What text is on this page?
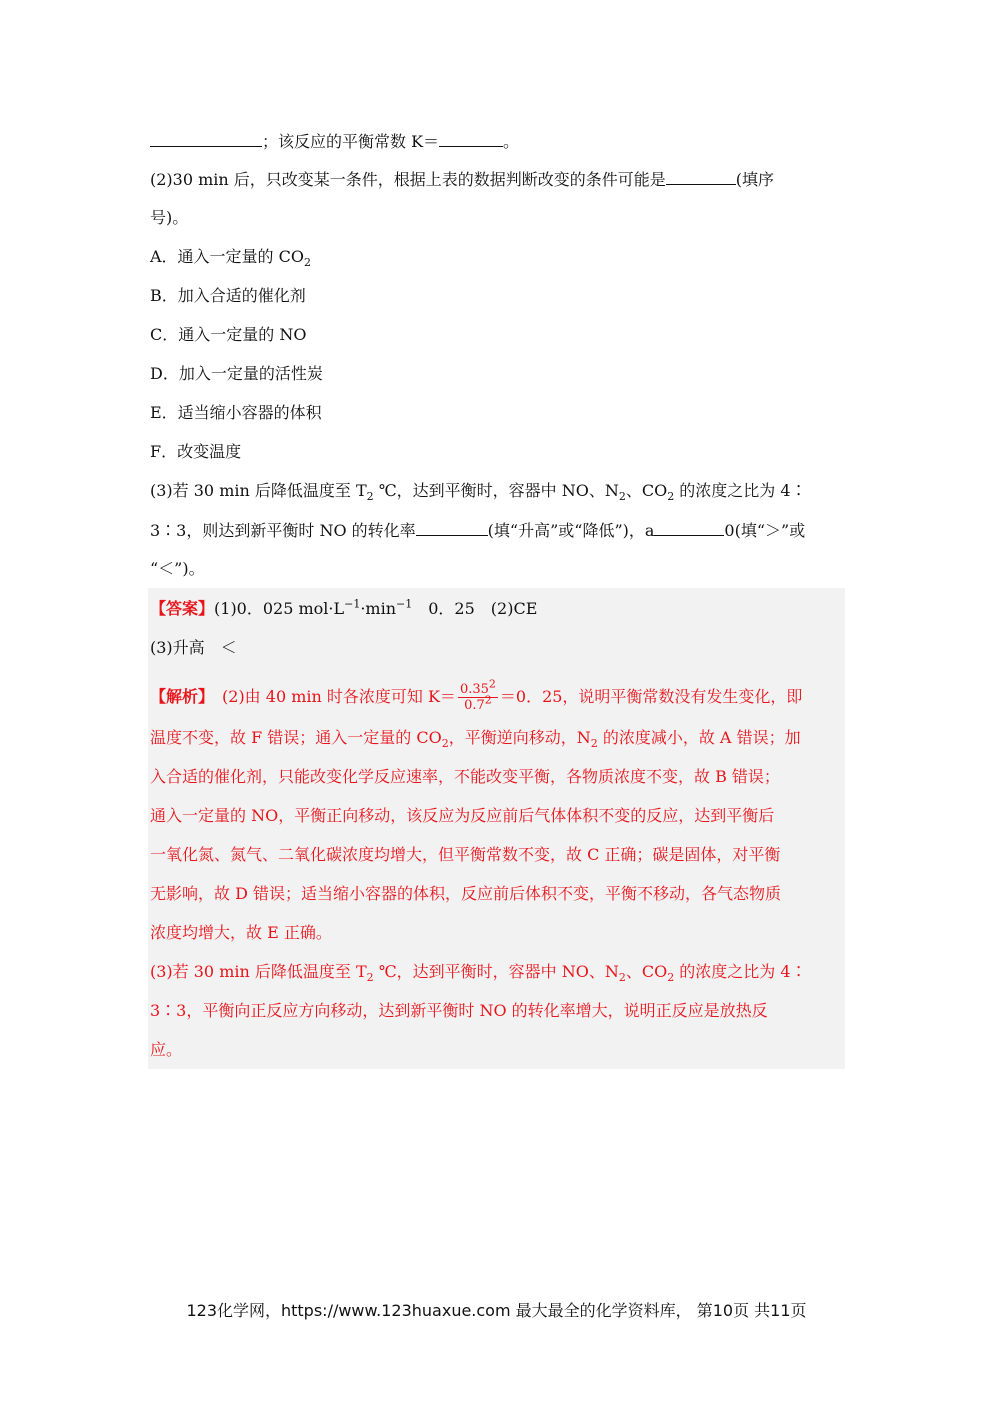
；该反应的平衡常数 K＝	。
(2)30 min 后，只改变某一条件，根据上表的数据判断改变的条件可能是	(填序
号)。
A．通入一定量的 $CO_2$
B．加入合适的催化剂
C．通入一定量的 NO
D．加入一定量的活性炭
E．适当缩小容器的体积
F．改变温度
(3)若 30 min 后降低温度至 $T_2$ ℃，达到平衡时，容器中 NO、$N_2$、$CO_2$ 的浓度之比为 4∶
3∶3，则达到新平衡时 NO 的转化率	(填“升高”或“降低”)，a	0(填“＞”或
“＜”)。
【答案】(1)0．025 $mol\cdot L^{-1}\cdot\min^{-1}$　0．25　(2)CE
(3)升高　＜
【解析】　(2)由 40 min 时各浓度可知 $K= \frac{0.35^2}{0.7^2} =0$．25，说明平衡常数没有发生变化，即
温度不变，故 F 错误；通入一定量的 $CO_2$，平衡逆向移动，$N_2$ 的浓度减小，故 A 错误；加
入合适的催化剂，只能改变化学反应速率，不能改变平衡，各物质浓度不变，故 B 错误；
通入一定量的 NO，平衡正向移动，该反应为反应前后气体体积不变的反应，达到平衡后
一氧化氮、氮气、二氧化碳浓度均增大，但平衡常数不变，故 C 正确；碳是固体，对平衡
无影响，故 D 错误；适当缩小容器的体积，反应前后体积不变，平衡不移动，各气态物质
浓度均增大，故 E 正确。
(3)若 30 min 后降低温度至 $T_2$ ℃，达到平衡时，容器中 NO、$N_2$、$CO_2$ 的浓度之比为 4∶
3∶3，平衡向正反应方向移动，达到新平衡时 NO 的转化率增大，说明正反应是放热反
应。
123化学网，https://www.123huaxue.com 最大最全的化学资料库， 第10页 共11页
